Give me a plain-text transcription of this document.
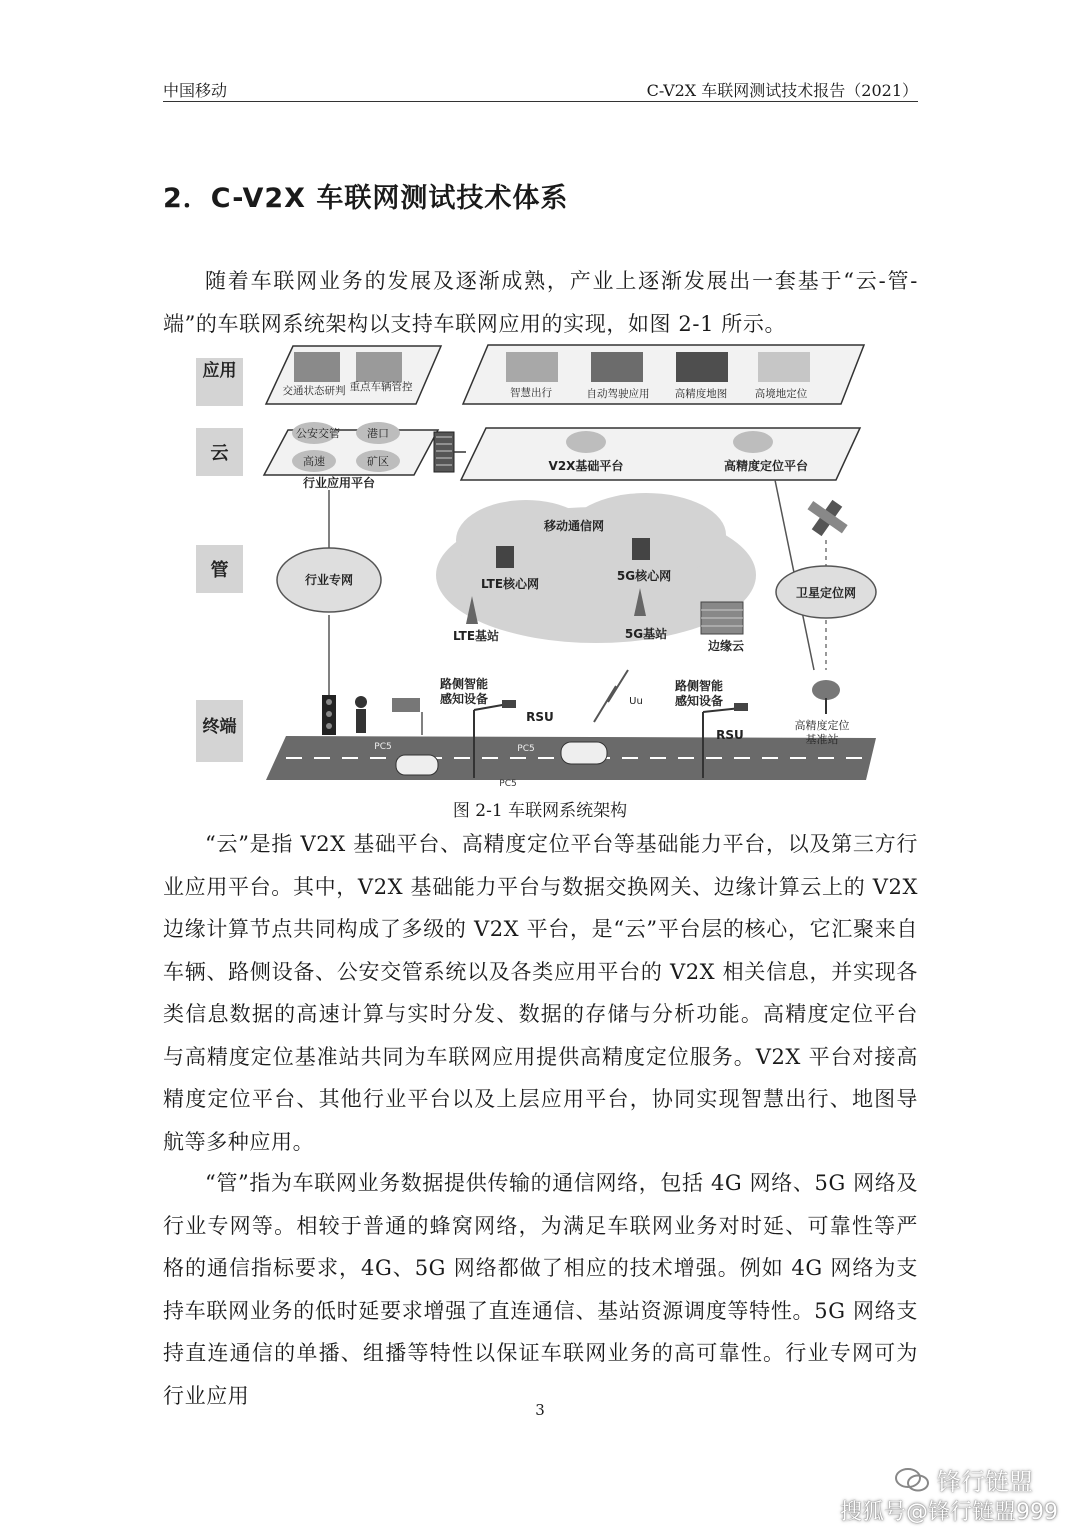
中国移动	C-V2X 车联网测试技术报告（2021）
2．C-V2X 车联网测试技术体系

随着车联网业务的发展及逐渐成熟，产业上逐渐发展出一套基于“云-管-端”的车联网系统架构以支持车联网应用的实现，如图 2-1 所示。

应用
云
管
终端
交通状态研判 重点车辆管控	智慧出行	自动驾驶应用 高精度地图	高境地定位
公安交管 港口
高速	矿区
行业应用平台
V2X基础平台	高精度定位平台
行业专网
移动通信网
LTE核心网
5G核心网
LTE基站	5G基站
边缘云
卫星定位网
PC5
路侧智能
感知设备
RSU
Uu
PC5	PC5
路侧智能
感知设备
RSU
高精度定位
基准站
图 2-1 车联网系统架构

“云”是指 V2X 基础平台、高精度定位平台等基础能力平台，以及第三方行业应用平台。其中，V2X 基础能力平台与数据交换网关、边缘计算云上的 V2X 边缘计算节点共同构成了多级的 V2X 平台，是“云”平台层的核心，它汇聚来自车辆、路侧设备、公安交管系统以及各类应用平台的 V2X 相关信息，并实现各类信息数据的高速计算与实时分发、数据的存储与分析功能。高精度定位平台与高精度定位基准站共同为车联网应用提供高精度定位服务。V2X 平台对接高精度定位平台、其他行业平台以及上层应用平台，协同实现智慧出行、地图导航等多种应用。

“管”指为车联网业务数据提供传输的通信网络，包括 4G 网络、5G 网络及行业专网等。相较于普通的蜂窝网络，为满足车联网业务对时延、可靠性等严格的通信指标要求，4G、5G 网络都做了相应的技术增强。例如 4G 网络为支持车联网业务的低时延要求增强了直连通信、基站资源调度等特性。5G 网络支持直连通信的单播、组播等特性以保证车联网业务的高可靠性。行业专网可为行业应用

3
锋行链盟
搜狐号@锋行链盟999
